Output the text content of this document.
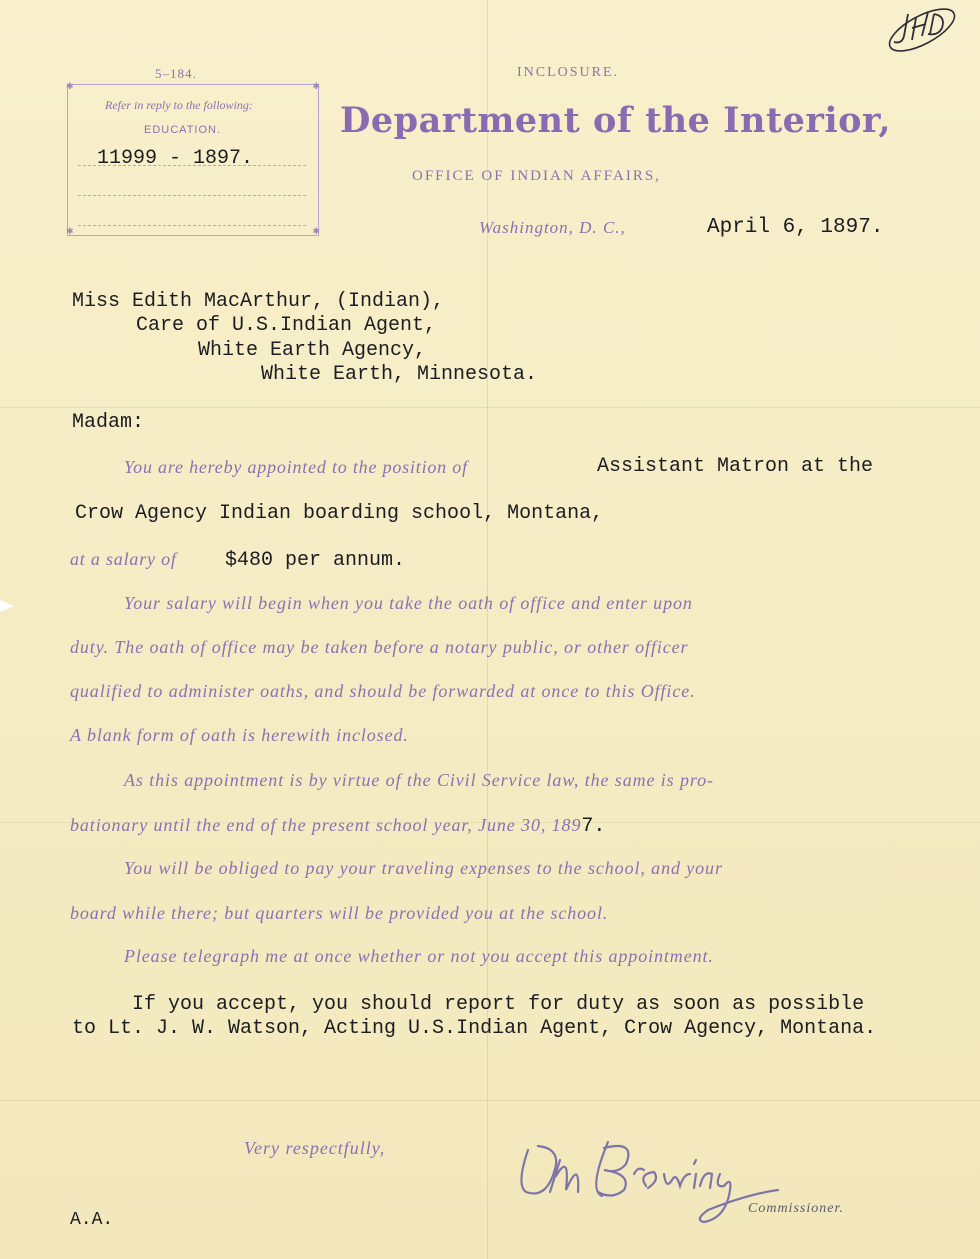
5–184.
✱	✱
✱	✱
Refer in reply to the following:
EDUCATION.
11999 - 1897.
INCLOSURE.
Department of the Interior,
OFFICE OF INDIAN AFFAIRS,
Washington, D. C.,	April 6, 1897.
Miss Edith MacArthur, (Indian),
Care of U.S.Indian Agent,
White Earth Agency,
White Earth, Minnesota.
Madam:
You are hereby appointed to the position of	Assistant Matron at the
Crow Agency Indian boarding school, Montana,
at a salary of $480 per annum.
Your salary will begin when you take the oath of office and enter upon
duty. The oath of office may be taken before a notary public, or other officer
qualified to administer oaths, and should be forwarded at once to this Office.
A blank form of oath is herewith inclosed.
As this appointment is by virtue of the Civil Service law, the same is pro-
bationary until the end of the present school year, June 30, 1897.
You will be obliged to pay your traveling expenses to the school, and your
board while there; but quarters will be provided you at the school.
Please telegraph me at once whether or not you accept this appointment.
If you accept, you should report for duty as soon as possible
to Lt. J. W. Watson, Acting U.S.Indian Agent, Crow Agency, Montana.
Very respectfully,
Commissioner.
A.A.
